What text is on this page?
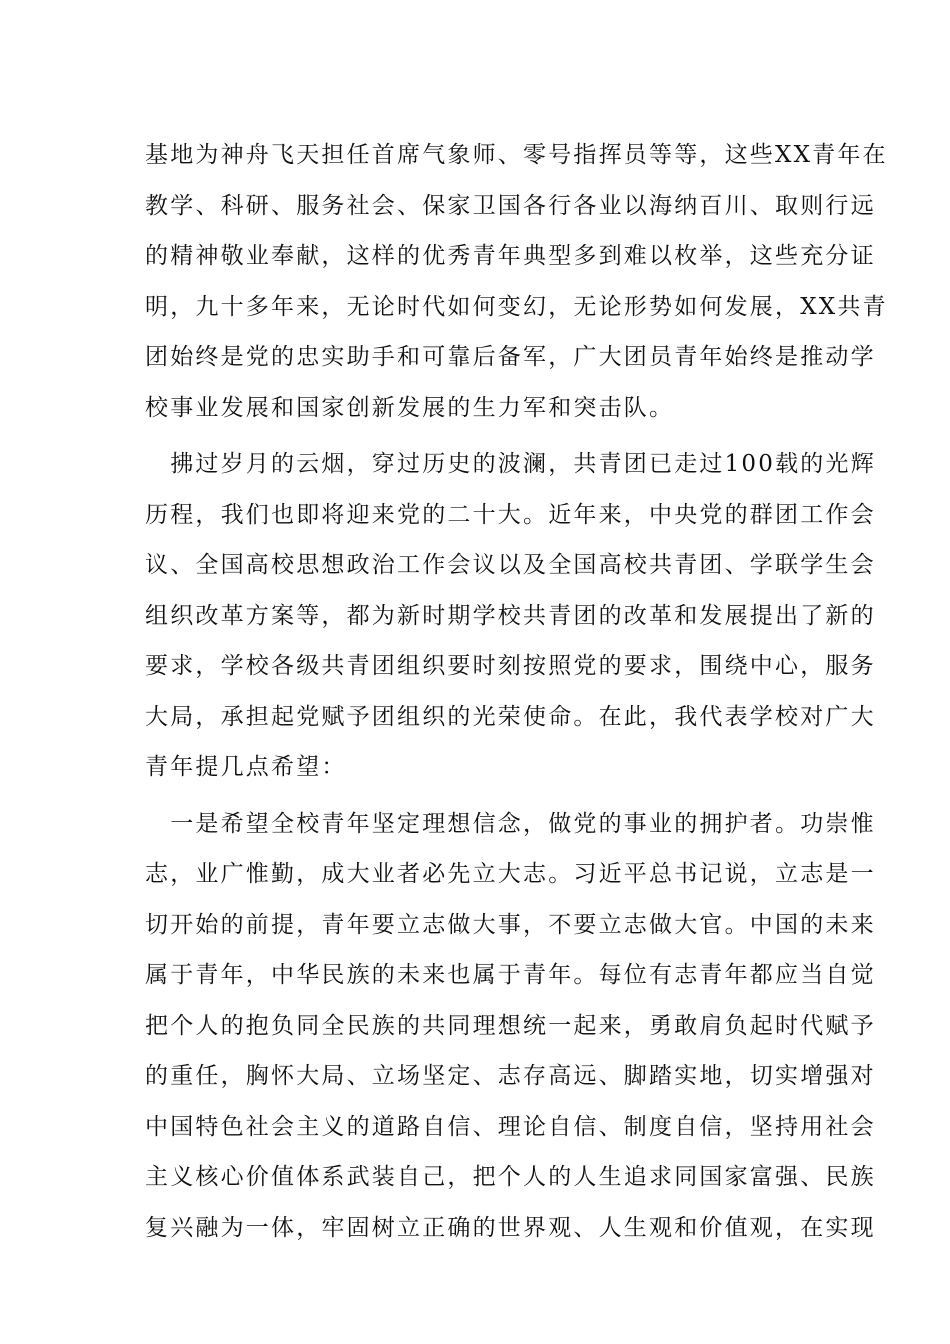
基地为神舟飞天担任首席气象师、零号指挥员等等，这些XX青年在
教学、科研、服务社会、保家卫国各行各业以海纳百川、取则行远
的精神敬业奉献，这样的优秀青年典型多到难以枚举，这些充分证
明，九十多年来，无论时代如何变幻，无论形势如何发展，XX共青
团始终是党的忠实助手和可靠后备军，广大团员青年始终是推动学
校事业发展和国家创新发展的生力军和突击队。
　拂过岁月的云烟，穿过历史的波澜，共青团已走过100载的光辉
历程，我们也即将迎来党的二十大。近年来，中央党的群团工作会
议、全国高校思想政治工作会议以及全国高校共青团、学联学生会
组织改革方案等，都为新时期学校共青团的改革和发展提出了新的
要求，学校各级共青团组织要时刻按照党的要求，围绕中心，服务
大局，承担起党赋予团组织的光荣使命。在此，我代表学校对广大
青年提几点希望：
　一是希望全校青年坚定理想信念，做党的事业的拥护者。功崇惟
志，业广惟勤，成大业者必先立大志。习近平总书记说，立志是一
切开始的前提，青年要立志做大事，不要立志做大官。中国的未来
属于青年，中华民族的未来也属于青年。每位有志青年都应当自觉
把个人的抱负同全民族的共同理想统一起来，勇敢肩负起时代赋予
的重任，胸怀大局、立场坚定、志存高远、脚踏实地，切实增强对
中国特色社会主义的道路自信、理论自信、制度自信，坚持用社会
主义核心价值体系武装自己，把个人的人生追求同国家富强、民族
复兴融为一体，牢固树立正确的世界观、人生观和价值观，在实现
